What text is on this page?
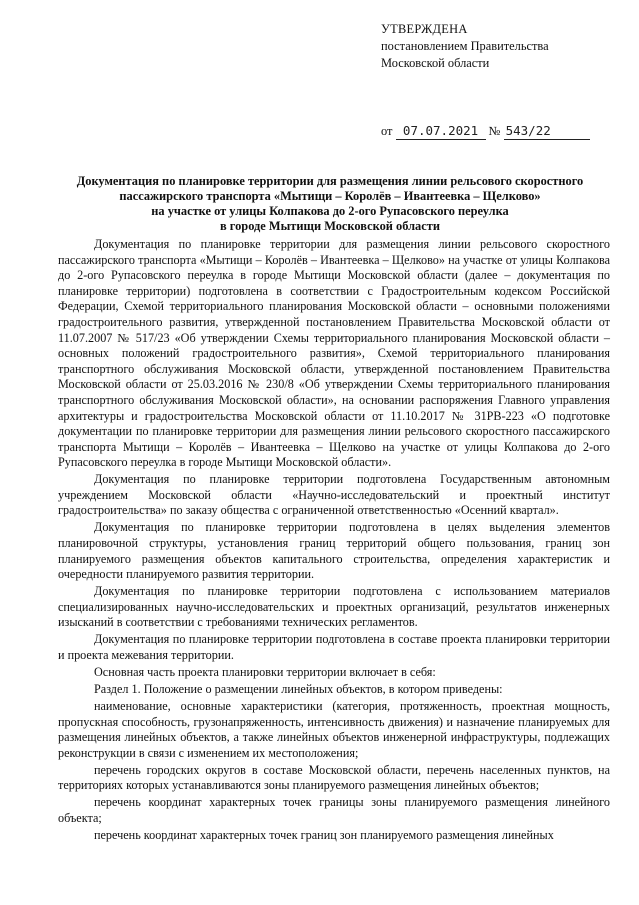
УТВЕРЖДЕНА
постановлением Правительства
Московской области
от 07.07.2021 № 543/22
Документация по планировке территории для размещения линии рельсового скоростного
пассажирского транспорта «Мытищи – Королёв – Ивантеевка – Щелково»
на участке от улицы Колпакова до 2-ого Рупасовского переулка
в городе Мытищи Московской области

Документация по планировке территории для размещения линии рельсового скоростного пассажирского транспорта «Мытищи – Королёв – Ивантеевка – Щелково» на участке от улицы Колпакова до 2-ого Рупасовского переулка в городе Мытищи Московской области (далее – документация по планировке территории) подготовлена в соответствии с Градостроительным кодексом Российской Федерации, Схемой территориального планирования Московской области – основными положениями градостроительного развития, утвержденной постановлением Правительства Московской области от 11.07.2007 № 517/23 «Об утверждении Схемы территориального планирования Московской области – основных положений градостроительного развития», Схемой территориального планирования транспортного обслуживания Московской области, утвержденной постановлением Правительства Московской области от 25.03.2016 № 230/8 «Об утверждении Схемы территориального планирования транспортного обслуживания Московской области», на основании распоряжения Главного управления архитектуры и градостроительства Московской области от 11.10.2017 № 31РВ-223 «О подготовке документации по планировке территории для размещения линии рельсового скоростного пассажирского транспорта Мытищи – Королёв – Ивантеевка – Щелково на участке от улицы Колпакова до 2-ого Рупасовского переулка в городе Мытищи Московской области».

Документация по планировке территории подготовлена Государственным автономным учреждением Московской области «Научно-исследовательский и проектный институт градостроительства» по заказу общества с ограниченной ответственностью «Осенний квартал».

Документация по планировке территории подготовлена в целях выделения элементов планировочной структуры, установления границ территорий общего пользования, границ зон планируемого размещения объектов капитального строительства, определения характеристик и очередности планируемого развития территории.

Документация по планировке территории подготовлена с использованием материалов специализированных научно-исследовательских и проектных организаций, результатов инженерных изысканий в соответствии с требованиями технических регламентов.

Документация по планировке территории подготовлена в составе проекта планировки территории и проекта межевания территории.

Основная часть проекта планировки территории включает в себя:

Раздел 1. Положение о размещении линейных объектов, в котором приведены:

наименование, основные характеристики (категория, протяженность, проектная мощность, пропускная способность, грузонапряженность, интенсивность движения) и назначение планируемых для размещения линейных объектов, а также линейных объектов инженерной инфраструктуры, подлежащих реконструкции в связи с изменением их местоположения;

перечень городских округов в составе Московской области, перечень населенных пунктов, на территориях которых устанавливаются зоны планируемого размещения линейных объектов;

перечень координат характерных точек границы зоны планируемого размещения линейного объекта;

перечень координат характерных точек границ зон планируемого размещения линейных
